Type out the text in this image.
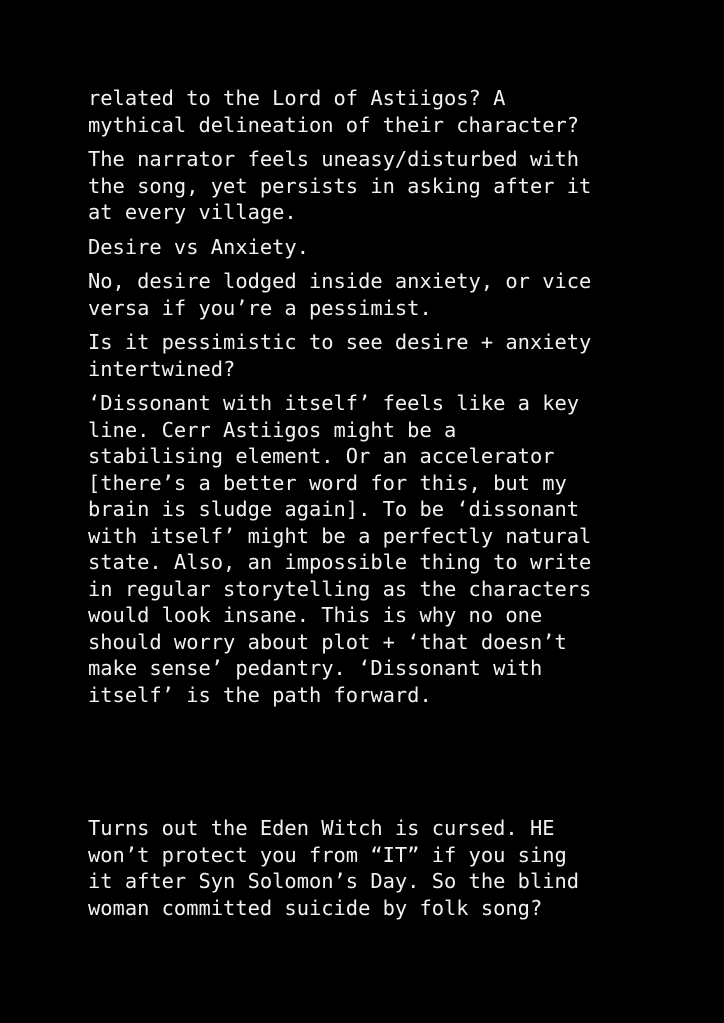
related to the Lord of Astiigos? A
mythical delineation of their character?
The narrator feels uneasy/disturbed with
the song, yet persists in asking after it
at every village.
Desire vs Anxiety.
No, desire lodged inside anxiety, or vice
versa if you’re a pessimist.
Is it pessimistic to see desire + anxiety
intertwined?
‘Dissonant with itself’ feels like a key
line. Cerr Astiigos might be a
stabilising element. Or an accelerator
[there’s a better word for this, but my
brain is sludge again]. To be ‘dissonant
with itself’ might be a perfectly natural
state. Also, an impossible thing to write
in regular storytelling as the characters
would look insane. This is why no one
should worry about plot + ‘that doesn’t
make sense’ pedantry. ‘Dissonant with
itself’ is the path forward.
Turns out the Eden Witch is cursed. HE
won’t protect you from “IT” if you sing
it after Syn Solomon’s Day. So the blind
woman committed suicide by folk song?
